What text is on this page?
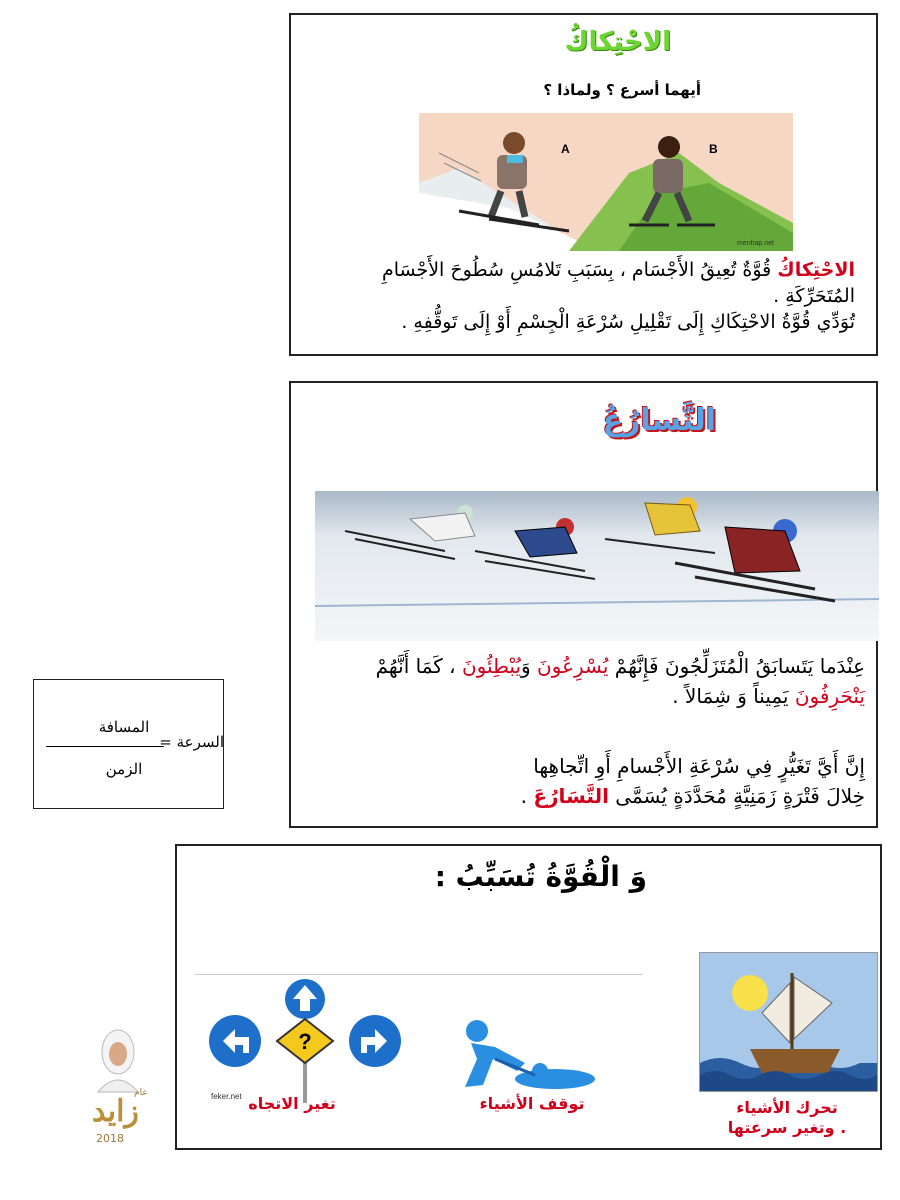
الاحْتِكاكُ
أيهما أسرع ؟ ولماذا ؟
A	B
menhap.net
الاحْتِكاكُ قُوَّةٌ تُعِيقُ الأَجْسَام ، بِسَبَبِ تَلامُسِ سُطُوحَ الأَجْسَامِ
المُتَحَرِّكَةِ .
تُوَدِّي قُوَّةُ الاحْتِكَاكِ إِلَى تَقْلِيلِ سُرْعَةِ الْجِسْمِ أَوْ إِلَى تَوقُّفِهِ .
التَّسارُعُ
عِنْدَما يَتَسابَقُ الْمُتَزَلِّجُونَ فَإِنَّهُمْ يُسْرِعُونَ وَيُبْطِئُونَ ، كَمَا أَنَّهُمْ يَنْحَرِفُونَ يَمِيناً وَ شِمَالاً .
إِنَّ أَيَّ تَغَيُّرٍ فِي سُرْعَةِ الأَجْسامِ أَوِ اتِّجاهِها
خِلالَ فَتْرَةٍ زَمَنِيَّةٍ مُحَدَّدَةٍ يُسَمَّى التَّسَارُعَ .
المسافة
الزمن
السرعة =
وَ الْقُوَّةُ تُسَبِّبُ :
?
feker.net تغير الاتجاه	توقف الأشياء	تحرك الأشياء
وتغير سرعتها .
عام
زايد
2018
